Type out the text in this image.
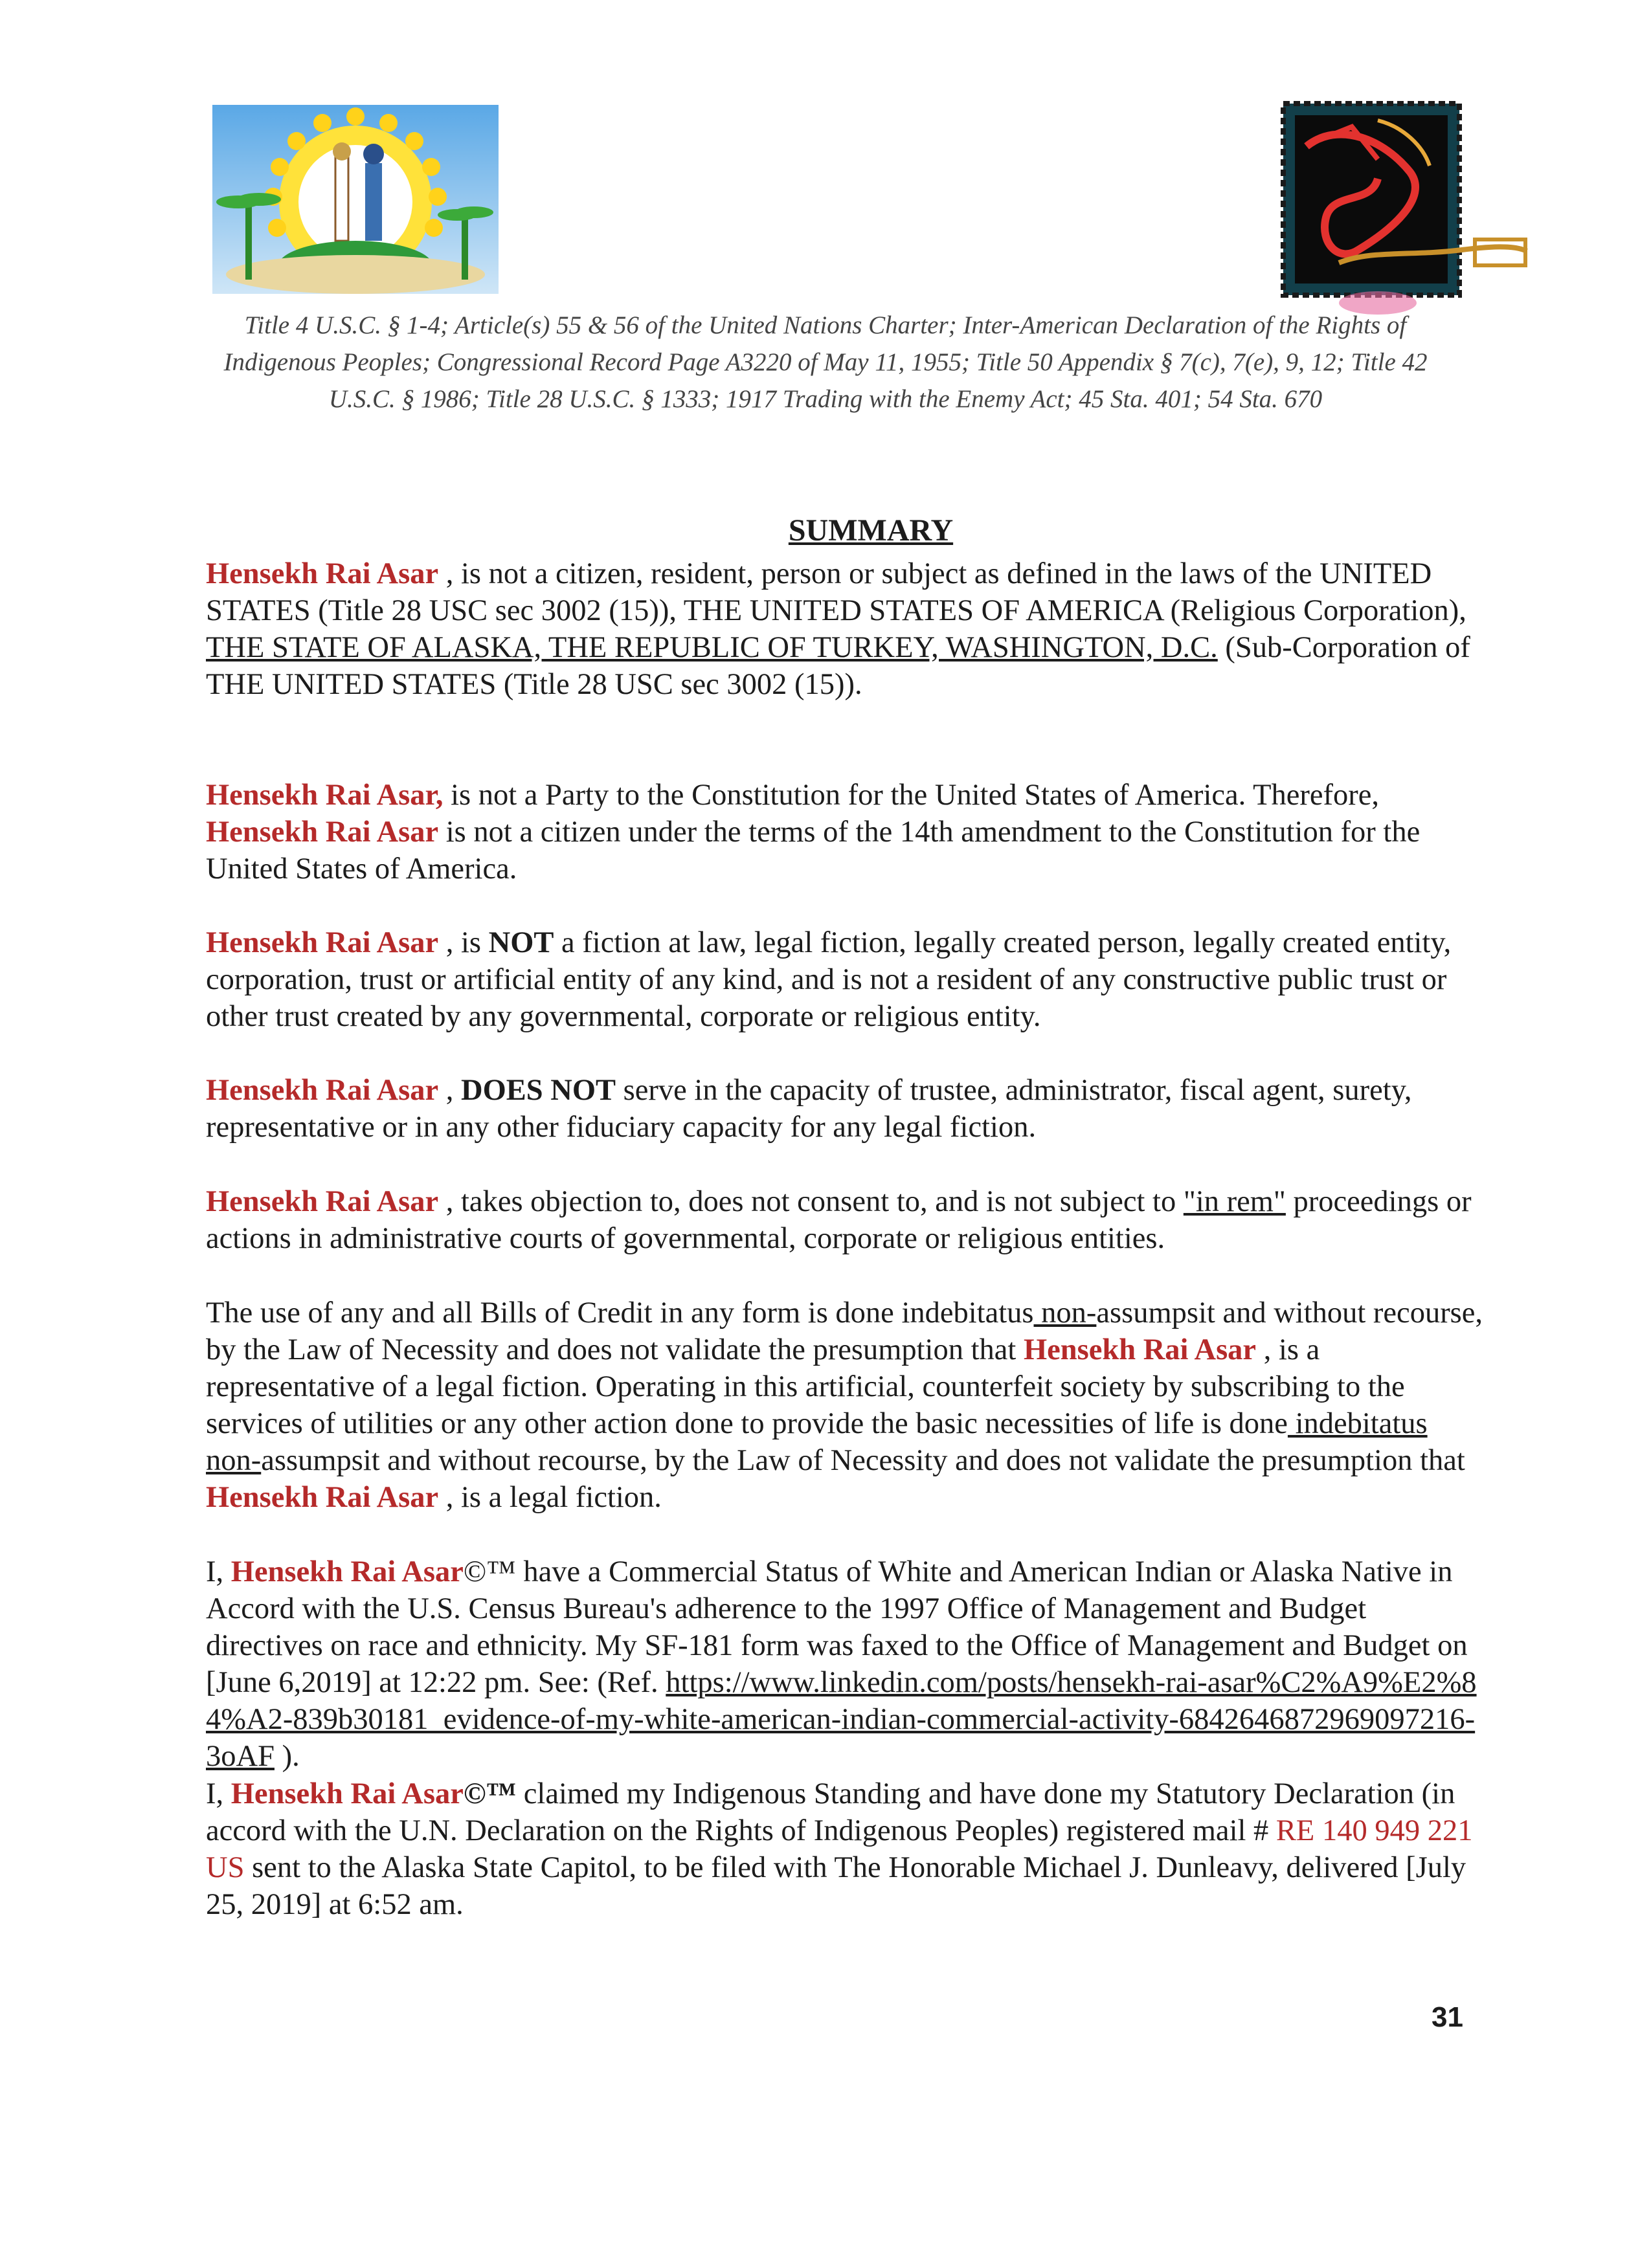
Title 4 U.S.C. § 1-4; Article(s) 55 & 56 of the United Nations Charter; Inter-American Declaration of the Rights of Indigenous Peoples; Congressional Record Page A3220 of May 11, 1955; Title 50 Appendix § 7(c), 7(e), 9, 12; Title 42 U.S.C. § 1986; Title 28 U.S.C. § 1333; 1917 Trading with the Enemy Act; 45 Sta. 401; 54 Sta. 670
SUMMARY
Hensekh Rai Asar , is not a citizen, resident, person or subject as defined in the laws of the UNITED STATES (Title 28 USC sec 3002 (15)), THE UNITED STATES OF AMERICA (Religious Corporation), THE STATE OF ALASKA, THE REPUBLIC OF TURKEY, WASHINGTON, D.C. (Sub-Corporation of THE UNITED STATES (Title 28 USC sec 3002 (15)).
Hensekh Rai Asar, is not a Party to the Constitution for the United States of America. Therefore, Hensekh Rai Asar is not a citizen under the terms of the 14th amendment to the Constitution for the United States of America.
Hensekh Rai Asar , is NOT a fiction at law, legal fiction, legally created person, legally created entity, corporation, trust or artificial entity of any kind, and is not a resident of any constructive public trust or other trust created by any governmental, corporate or religious entity.
Hensekh Rai Asar , DOES NOT serve in the capacity of trustee, administrator, fiscal agent, surety, representative or in any other fiduciary capacity for any legal fiction.
Hensekh Rai Asar , takes objection to, does not consent to, and is not subject to "in rem" proceedings or actions in administrative courts of governmental, corporate or religious entities.
The use of any and all Bills of Credit in any form is done indebitatus non-assumpsit and without recourse, by the Law of Necessity and does not validate the presumption that Hensekh Rai Asar , is a representative of a legal fiction. Operating in this artificial, counterfeit society by subscribing to the services of utilities or any other action done to provide the basic necessities of life is done indebitatus non-assumpsit and without recourse, by the Law of Necessity and does not validate the presumption that Hensekh Rai Asar , is a legal fiction.
I, Hensekh Rai Asar©™ have a Commercial Status of White and American Indian or Alaska Native in Accord with the U.S. Census Bureau's adherence to the 1997 Office of Management and Budget directives on race and ethnicity. My SF-181 form was faxed to the Office of Management and Budget on [June 6,2019] at 12:22 pm. See: (Ref. https://www.linkedin.com/posts/hensekh-rai-asar%C2%A9%E2%84%A2-839b30181_evidence-of-my-white-american-indian-commercial-activity-6842646872969097216-3oAF ).
I, Hensekh Rai Asar©™ claimed my Indigenous Standing and have done my Statutory Declaration (in accord with the U.N. Declaration on the Rights of Indigenous Peoples) registered mail # RE 140 949 221 US sent to the Alaska State Capitol, to be filed with The Honorable Michael J. Dunleavy, delivered [July 25, 2019] at 6:52 am.
31
